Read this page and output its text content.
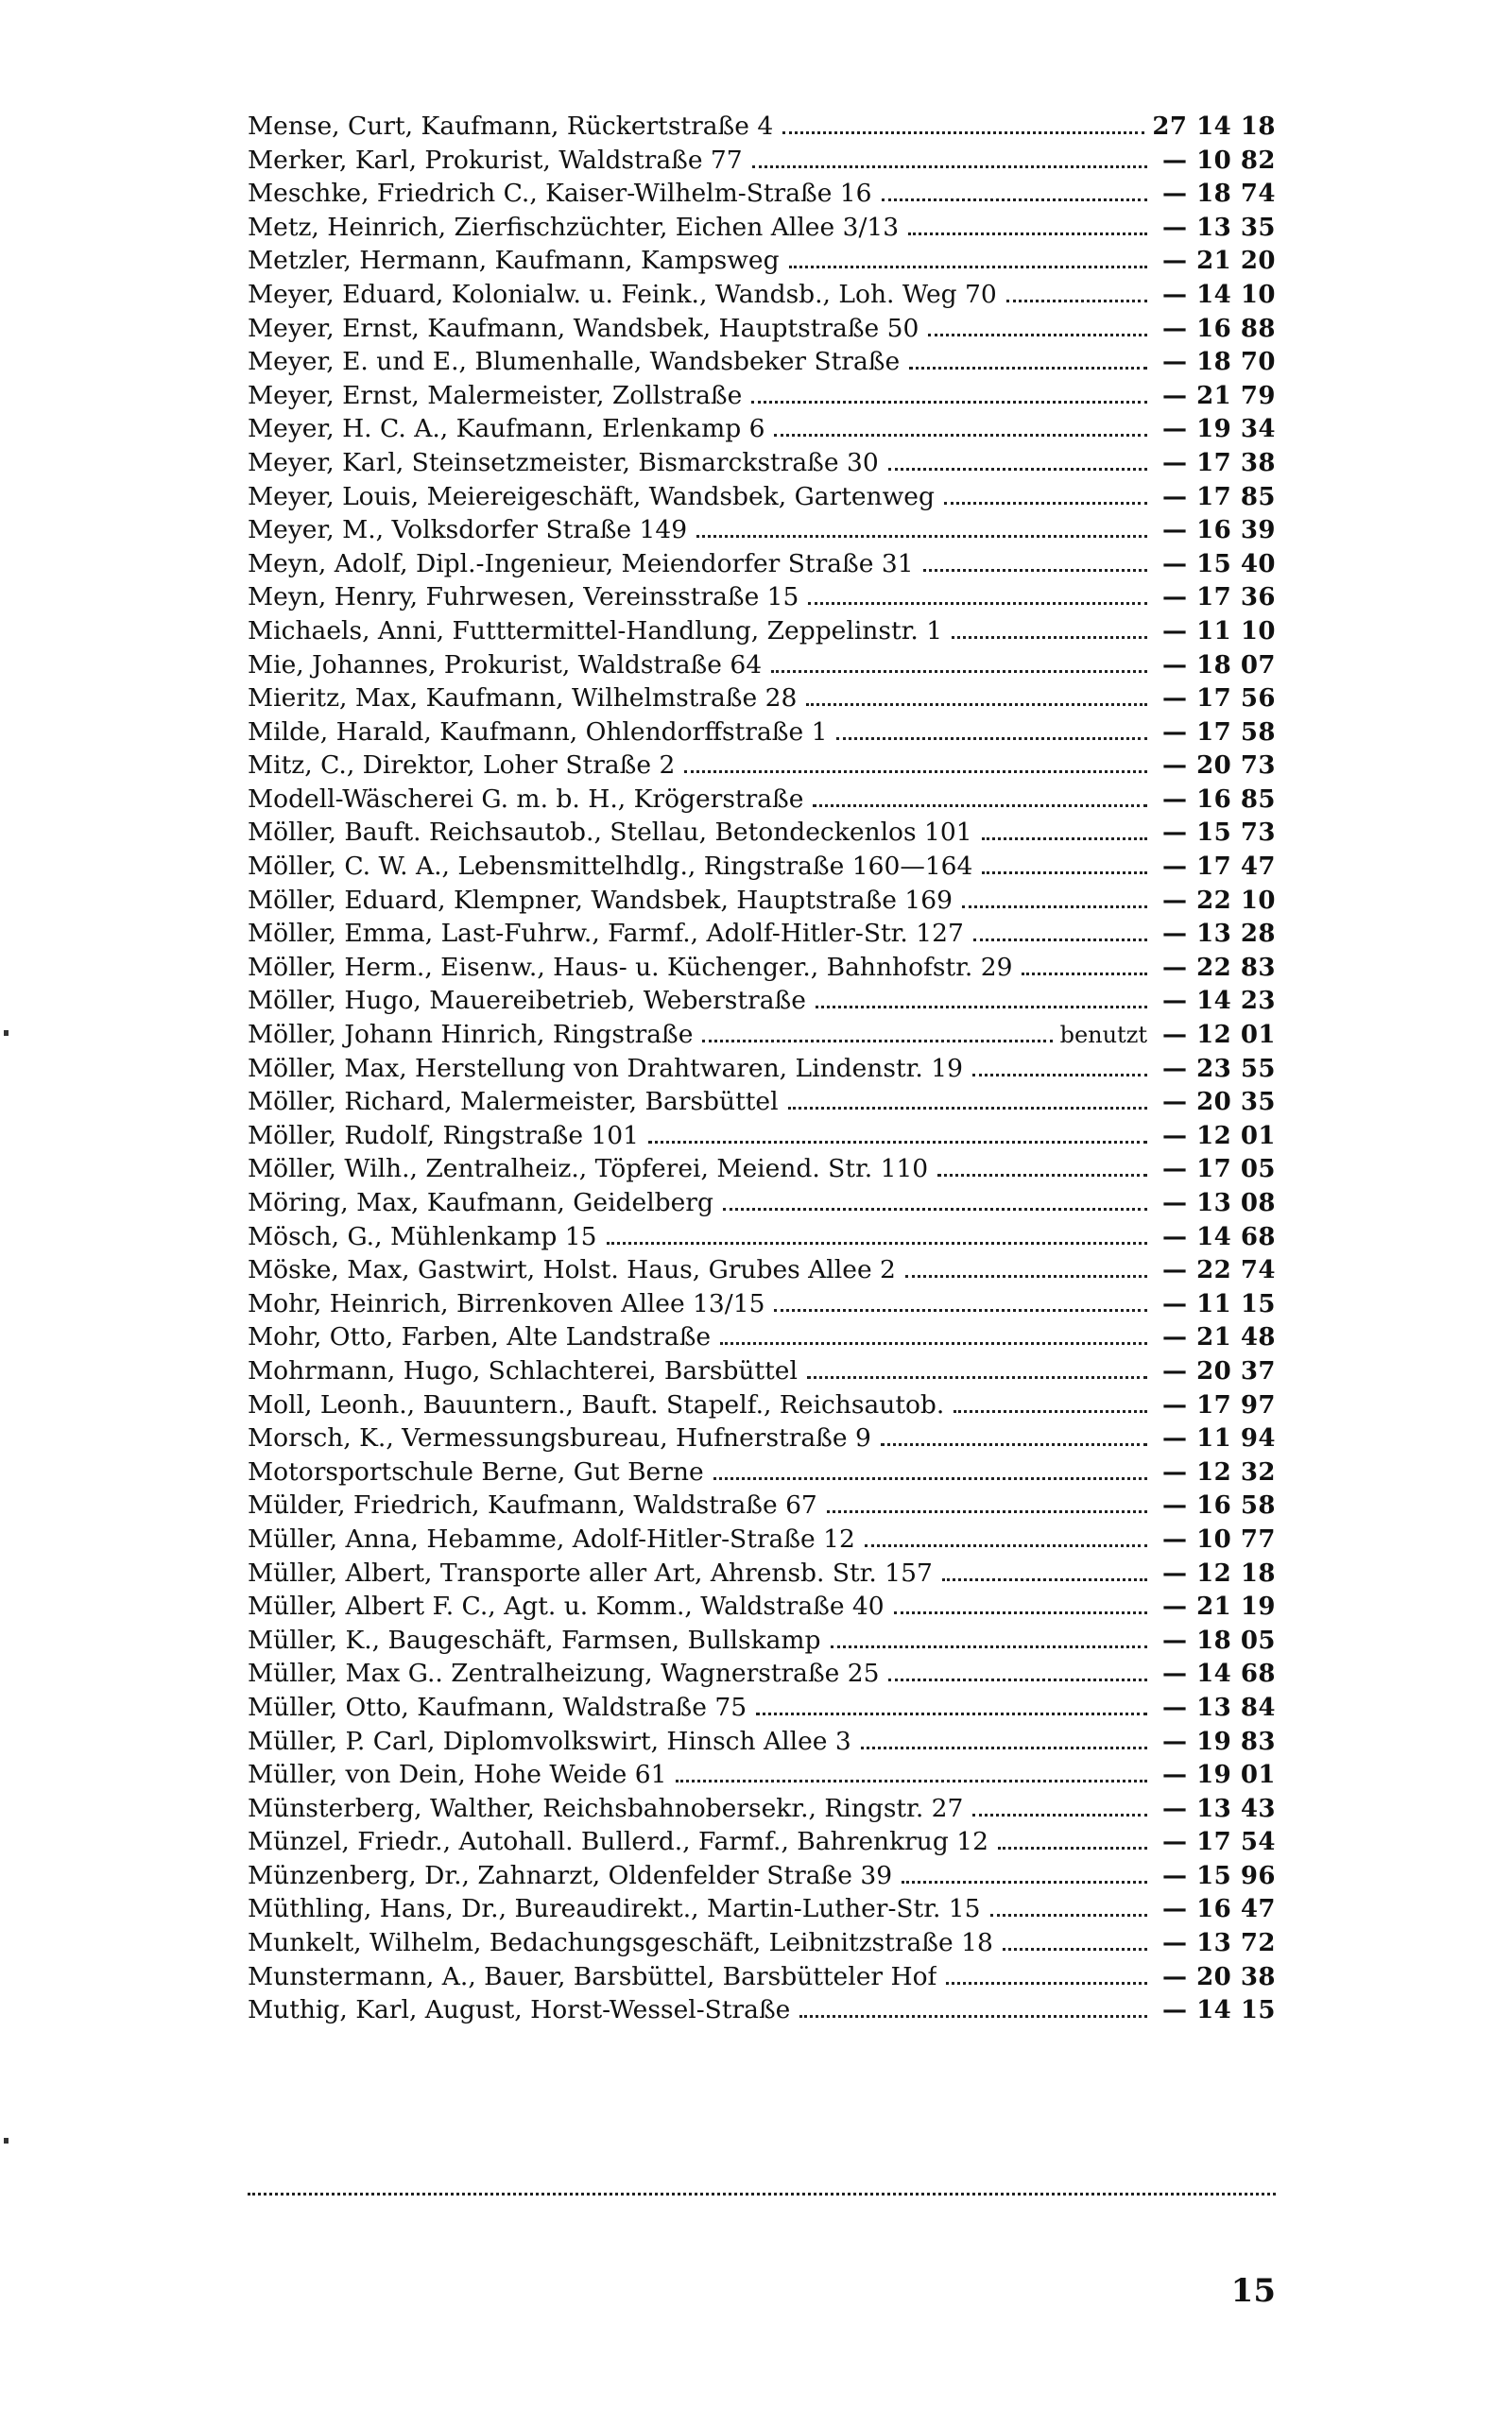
Mense, Curt, Kaufmann, Rückertstraße 4	27 14 18
Merker, Karl, Prokurist, Waldstraße 77	— 10 82
Meschke, Friedrich C., Kaiser-Wilhelm-Straße 16	— 18 74
Metz, Heinrich, Zierfischzüchter, Eichen Allee 3/13	— 13 35
Metzler, Hermann, Kaufmann, Kampsweg	— 21 20
Meyer, Eduard, Kolonialw. u. Feink., Wandsb., Loh. Weg 70	— 14 10
Meyer, Ernst, Kaufmann, Wandsbek, Hauptstraße 50	— 16 88
Meyer, E. und E., Blumenhalle, Wandsbeker Straße	— 18 70
Meyer, Ernst, Malermeister, Zollstraße	— 21 79
Meyer, H. C. A., Kaufmann, Erlenkamp 6	— 19 34
Meyer, Karl, Steinsetzmeister, Bismarckstraße 30	— 17 38
Meyer, Louis, Meiereigeschäft, Wandsbek, Gartenweg	— 17 85
Meyer, M., Volksdorfer Straße 149	— 16 39
Meyn, Adolf, Dipl.-Ingenieur, Meiendorfer Straße 31	— 15 40
Meyn, Henry, Fuhrwesen, Vereinsstraße 15	— 17 36
Michaels, Anni, Futttermittel-Handlung, Zeppelinstr. 1	— 11 10
Mie, Johannes, Prokurist, Waldstraße 64	— 18 07
Mieritz, Max, Kaufmann, Wilhelmstraße 28	— 17 56
Milde, Harald, Kaufmann, Ohlendorffstraße 1	— 17 58
Mitz, C., Direktor, Loher Straße 2	— 20 73
Modell-Wäscherei G. m. b. H., Krögerstraße	— 16 85
Möller, Bauft. Reichsautob., Stellau, Betondeckenlos 101	— 15 73
Möller, C. W. A., Lebensmittelhdlg., Ringstraße 160—164	— 17 47
Möller, Eduard, Klempner, Wandsbek, Hauptstraße 169	— 22 10
Möller, Emma, Last-Fuhrw., Farmf., Adolf-Hitler-Str. 127	— 13 28
Möller, Herm., Eisenw., Haus- u. Küchenger., Bahnhofstr. 29	— 22 83
Möller, Hugo, Mauereibetrieb, Weberstraße	— 14 23
Möller, Johann Hinrich, Ringstraße	benutzt — 12 01
Möller, Max, Herstellung von Drahtwaren, Lindenstr. 19	— 23 55
Möller, Richard, Malermeister, Barsbüttel	— 20 35
Möller, Rudolf, Ringstraße 101	— 12 01
Möller, Wilh., Zentralheiz., Töpferei, Meiend. Str. 110	— 17 05
Möring, Max, Kaufmann, Geidelberg	— 13 08
Mösch, G., Mühlenkamp 15	— 14 68
Möske, Max, Gastwirt, Holst. Haus, Grubes Allee 2	— 22 74
Mohr, Heinrich, Birrenkoven Allee 13/15	— 11 15
Mohr, Otto, Farben, Alte Landstraße	— 21 48
Mohrmann, Hugo, Schlachterei, Barsbüttel	— 20 37
Moll, Leonh., Bauuntern., Bauft. Stapelf., Reichsautob.	— 17 97
Morsch, K., Vermessungsbureau, Hufnerstraße 9	— 11 94
Motorsportschule Berne, Gut Berne	— 12 32
Mülder, Friedrich, Kaufmann, Waldstraße 67	— 16 58
Müller, Anna, Hebamme, Adolf-Hitler-Straße 12	— 10 77
Müller, Albert, Transporte aller Art, Ahrensb. Str. 157	— 12 18
Müller, Albert F. C., Agt. u. Komm., Waldstraße 40	— 21 19
Müller, K., Baugeschäft, Farmsen, Bullskamp	— 18 05
Müller, Max G.. Zentralheizung, Wagnerstraße 25	— 14 68
Müller, Otto, Kaufmann, Waldstraße 75	— 13 84
Müller, P. Carl, Diplomvolkswirt, Hinsch Allee 3	— 19 83
Müller, von Dein, Hohe Weide 61	— 19 01
Münsterberg, Walther, Reichsbahnobersekr., Ringstr. 27	— 13 43
Münzel, Friedr., Autohall. Bullerd., Farmf., Bahrenkrug 12	— 17 54
Münzenberg, Dr., Zahnarzt, Oldenfelder Straße 39	— 15 96
Müthling, Hans, Dr., Bureaudirekt., Martin-Luther-Str. 15	— 16 47
Munkelt, Wilhelm, Bedachungsgeschäft, Leibnitzstraße 18	— 13 72
Munstermann, A., Bauer, Barsbüttel, Barsbütteler Hof	— 20 38
Muthig, Karl, August, Horst-Wessel-Straße	— 14 15
15
